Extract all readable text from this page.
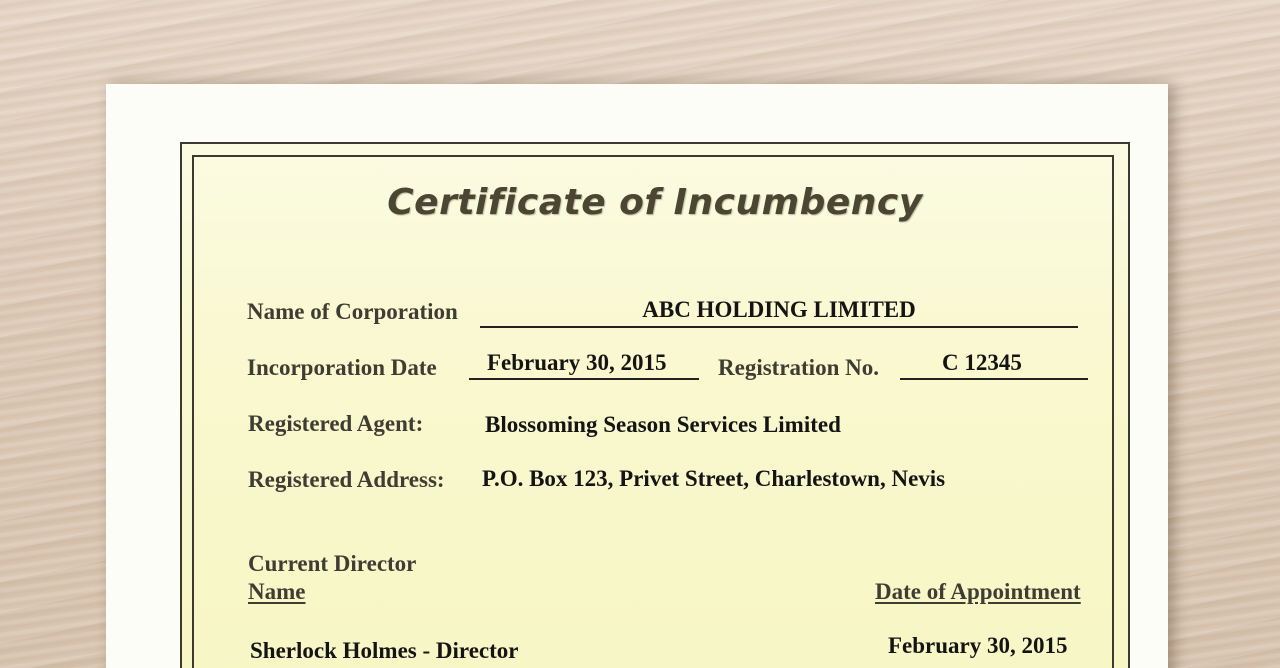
Certificate of Incumbency
Name of Corporation	ABC HOLDING LIMITED
Incorporation Date February 30, 2015 Registration No.	C 12345
Registered Agent:	Blossoming Season Services Limited
Registered Address: P.O. Box 123, Privet Street, Charlestown, Nevis
Current Director
Name	Date of Appointment
Sherlock Holmes - Director	February 30, 2015
